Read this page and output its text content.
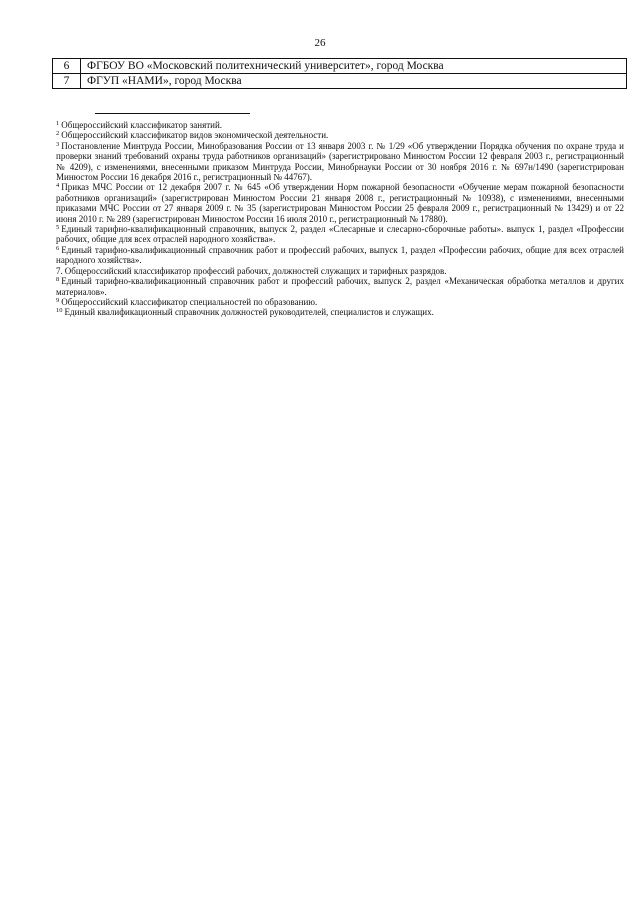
26
6	ФГБОУ ВО «Московский политехнический университет», город Москва
7	ФГУП «НАМИ», город Москва

$^1$ Общероссийский классификатор занятий.

$^2$ Общероссийский классификатор видов экономической деятельности.

$^3$ Постановление Минтруда России, Минобразования России от 13 января 2003 г. № 1/29 «Об утверждении Порядка обучения по охране труда и проверки знаний требований охраны труда работников организаций» (зарегистрировано Минюстом России 12 февраля 2003 г., регистрационный № 4209), с изменениями, внесенными приказом Минтруда России, Минобрнауки России от 30 ноября 2016 г. № 697н/1490 (зарегистрирован Минюстом России 16 декабря 2016 г., регистрационный № 44767).

$^4$ Приказ МЧС России от 12 декабря 2007 г. № 645 «Об утверждении Норм пожарной безопасности «Обучение мерам пожарной безопасности работников организаций» (зарегистрирован Минюстом России 21 января 2008 г., регистрационный № 10938), с изменениями, внесенными приказами МЧС России от 27 января 2009 г. № 35 (зарегистрирован Минюстом России 25 февраля 2009 г., регистрационный № 13429) и от 22 июня 2010 г. № 289 (зарегистрирован Минюстом России 16 июля 2010 г., регистрационный № 17880).

$^5$ Единый тарифно-квалификационный справочник, выпуск 2, раздел «Слесарные и слесарно-сборочные работы». выпуск 1, раздел «Профессии рабочих, общие для всех отраслей народного хозяйства».

$^6$ Единый тарифно-квалификационный справочник работ и профессий рабочих, выпуск 1, раздел «Профессии рабочих, общие для всех отраслей народного хозяйства».

7. Общероссийский классификатор профессий рабочих, должностей служащих и тарифных разрядов.

$^8$ Единый тарифно-квалификационный справочник работ и профессий рабочих, выпуск 2, раздел «Механическая обработка металлов и других материалов».

$^9$ Общероссийский классификатор специальностей по образованию.

$^{10}$ Единый квалификационный справочник должностей руководителей, специалистов и служащих.
